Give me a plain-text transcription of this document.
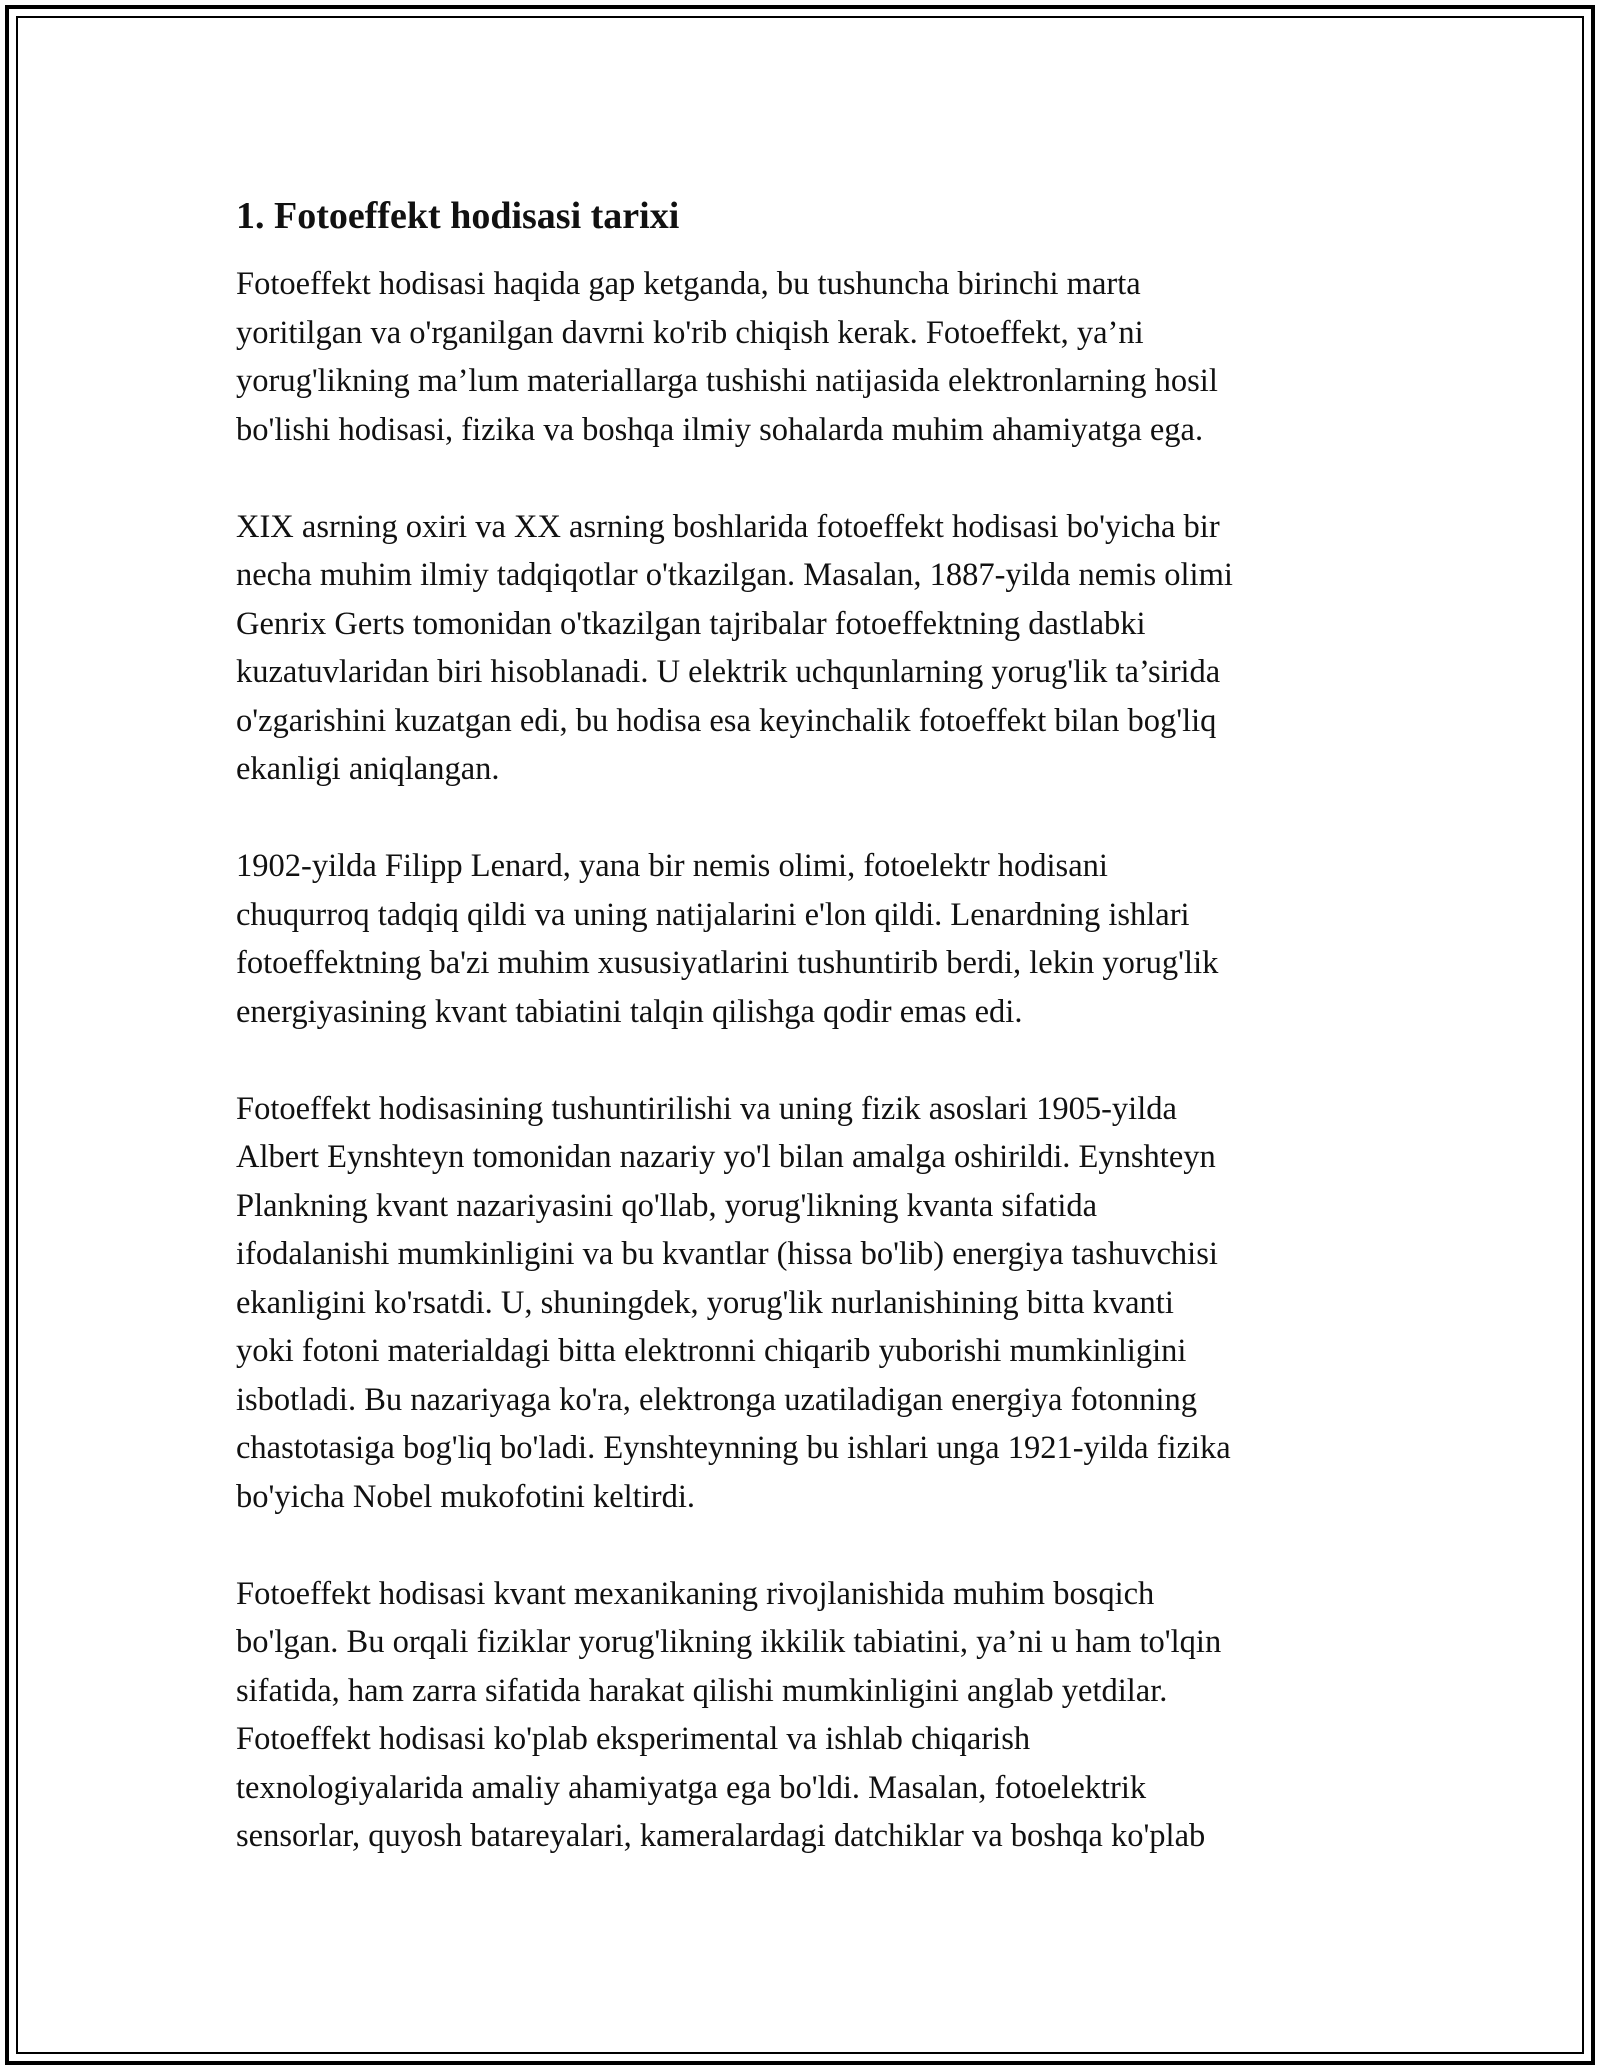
1. Fotoeffekt hodisasi tarixi

Fotoeffekt hodisasi haqida gap ketganda, bu tushuncha birinchi marta
yoritilgan va o'rganilgan davrni ko'rib chiqish kerak. Fotoeffekt, ya’ni
yorug'likning ma’lum materiallarga tushishi natijasida elektronlarning hosil
bo'lishi hodisasi, fizika va boshqa ilmiy sohalarda muhim ahamiyatga ega.

XIX asrning oxiri va XX asrning boshlarida fotoeffekt hodisasi bo'yicha bir
necha muhim ilmiy tadqiqotlar o'tkazilgan. Masalan, 1887-yilda nemis olimi
Genrix Gerts tomonidan o'tkazilgan tajribalar fotoeffektning dastlabki
kuzatuvlaridan biri hisoblanadi. U elektrik uchqunlarning yorug'lik ta’sirida
o'zgarishini kuzatgan edi, bu hodisa esa keyinchalik fotoeffekt bilan bog'liq
ekanligi aniqlangan.

1902-yilda Filipp Lenard, yana bir nemis olimi, fotoelektr hodisani
chuqurroq tadqiq qildi va uning natijalarini e'lon qildi. Lenardning ishlari
fotoeffektning ba'zi muhim xususiyatlarini tushuntirib berdi, lekin yorug'lik
energiyasining kvant tabiatini talqin qilishga qodir emas edi.

Fotoeffekt hodisasining tushuntirilishi va uning fizik asoslari 1905-yilda
Albert Eynshteyn tomonidan nazariy yo'l bilan amalga oshirildi. Eynshteyn
Plankning kvant nazariyasini qo'llab, yorug'likning kvanta sifatida
ifodalanishi mumkinligini va bu kvantlar (hissa bo'lib) energiya tashuvchisi
ekanligini ko'rsatdi. U, shuningdek, yorug'lik nurlanishining bitta kvanti
yoki fotoni materialdagi bitta elektronni chiqarib yuborishi mumkinligini
isbotladi. Bu nazariyaga ko'ra, elektronga uzatiladigan energiya fotonning
chastotasiga bog'liq bo'ladi. Eynshteynning bu ishlari unga 1921-yilda fizika
bo'yicha Nobel mukofotini keltirdi.

Fotoeffekt hodisasi kvant mexanikaning rivojlanishida muhim bosqich
bo'lgan. Bu orqali fiziklar yorug'likning ikkilik tabiatini, ya’ni u ham to'lqin
sifatida, ham zarra sifatida harakat qilishi mumkinligini anglab yetdilar.
Fotoeffekt hodisasi ko'plab eksperimental va ishlab chiqarish
texnologiyalarida amaliy ahamiyatga ega bo'ldi. Masalan, fotoelektrik
sensorlar, quyosh batareyalari, kameralardagi datchiklar va boshqa ko'plab
